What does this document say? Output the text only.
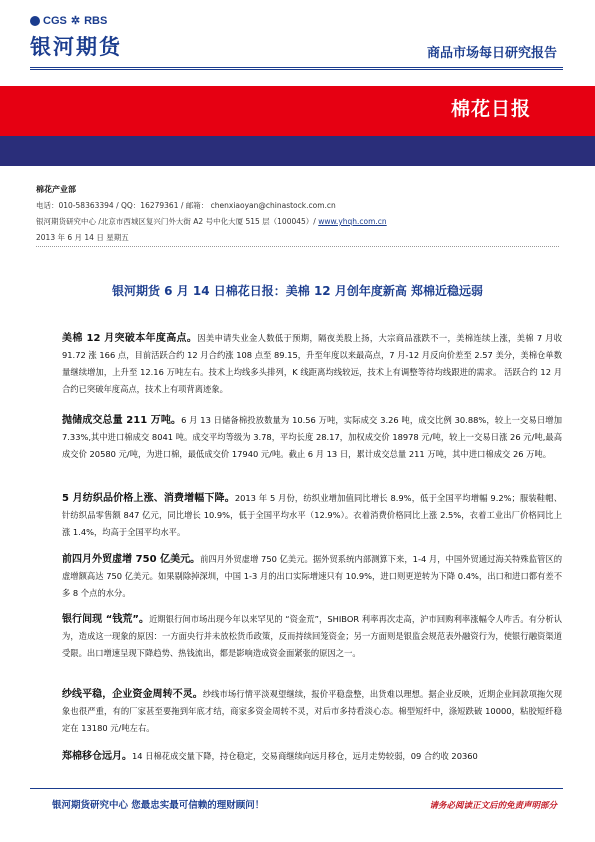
CGS ✲ RBS
银河期货	商品市场每日研究报告
棉花日报
棉花产业部
电话：010-58363394 / QQ：16279361 / 邮箱： chenxiaoyan@chinastock.com.cn
银河期货研究中心 /北京市西城区复兴门外大街 A2 号中化大厦 515 层（100045）/ www.yhqh.com.cn
2013 年 6 月 14 日 星期五
银河期货 6 月 14 日棉花日报：美棉 12 月创年度新高 郑棉近稳远弱
美棉 12 月突破本年度高点。因美申请失业金人数低于预期，隔夜美股上扬，大宗商品涨跌不一，美棉连续上涨，美棉 7 月收 91.72 涨 166 点，目前活跃合约 12 月合约涨 108 点至 89.15，升至年度以来最高点，7 月-12 月反向价差至 2.57 美分，美棉仓单数量继续增加，上升至 12.16 万吨左右。技术上均线多头排列，K 线距离均线较远，技术上有调整等待均线跟进的需求。 活跃合约 12 月合约已突破年度高点，技术上有项背离迹象。
抛储成交总量 211 万吨。6 月 13 日储备棉投放数量为 10.56 万吨，实际成交 3.26 吨，成交比例 30.88%，较上一交易日增加 7.33%,其中进口棉成交 8041 吨。成交平均等级为 3.78，平均长度 28.17，加权成交价 18978 元/吨，较上一交易日涨 26 元/吨,最高成交价 20580 元/吨，为进口棉，最低成交价 17940 元/吨。截止 6 月 13 日，累计成交总量 211 万吨，其中进口棉成交 26 万吨。
5 月纺织品价格上涨、消费增幅下降。2013 年 5 月份，纺织业增加值同比增长 8.9%，低于全国平均增幅 9.2%；服装鞋帽、针纺织品零售额 847 亿元，同比增长 10.9%，低于全国平均水平（12.9%）。衣着消费价格同比上涨 2.5%，衣着工业出厂价格同比上涨 1.4%，均高于全国平均水平。
前四月外贸虚增 750 亿美元。前四月外贸虚增 750 亿美元。据外贸系统内部测算下来，1-4 月，中国外贸通过海关特殊监管区的虚增额高达 750 亿美元。如果剔除掉深圳，中国 1-3 月的出口实际增速只有 10.9%，进口则更逆转为下降 0.4%，出口和进口都有差不多 8 个点的水分。
银行间现 “钱荒”。近期银行间市场出现今年以来罕见的 “资金荒”，SHIBOR 利率再次走高，沪市回购利率涨幅令人咋舌。有分析认为，造成这一现象的原因：一方面央行并未放松货币政策，反而持续回笼资金；另一方面则是银监会规范表外融资行为，使银行融资渠道受限。出口增速呈现下降趋势、热钱流出，都是影响造成资金面紧张的原因之一。
纱线平稳，企业资金周转不灵。纱线市场行情平淡观望继续，报价平稳盘整，出货难以理想。据企业反映，近期企业间款项拖欠现象也很严重，有的厂家甚至要拖到年底才结，商家多资金周转不灵，对后市多持看淡心态。棉型短纤中，涤短跌破 10000，粘胶短纤稳定在 13180 元/吨左右。
郑棉移仓远月。14 日棉花成交量下降，持仓稳定，交易商继续向远月移仓，远月走势较弱，09 合约收 20360
银河期货研究中心 您最忠实最可信赖的理财顾问！	请务必阅读正文后的免责声明部分
